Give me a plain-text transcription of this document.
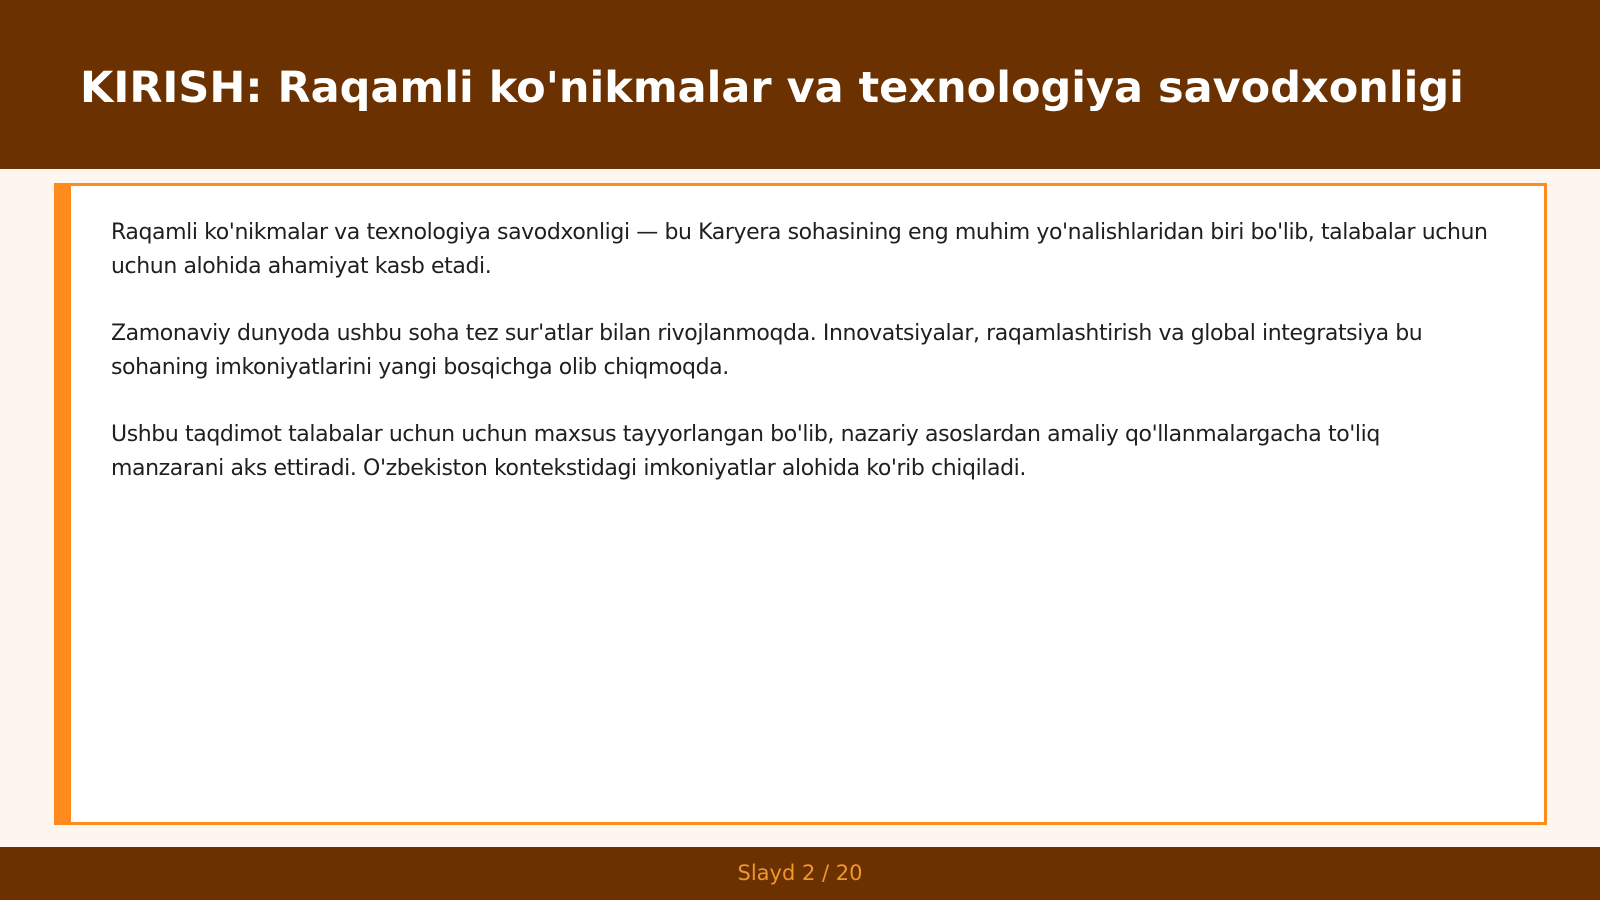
KIRISH: Raqamli ko'nikmalar va texnologiya savodxonligi

Raqamli ko'nikmalar va texnologiya savodxonligi — bu Karyera sohasining eng muhim yo'nalishlaridan biri bo'lib, talabalar uchun uchun alohida ahamiyat kasb etadi.

Zamonaviy dunyoda ushbu soha tez sur'atlar bilan rivojlanmoqda. Innovatsiyalar, raqamlashtirish va global integratsiya bu sohaning imkoniyatlarini yangi bosqichga olib chiqmoqda.

Ushbu taqdimot talabalar uchun uchun maxsus tayyorlangan bo'lib, nazariy asoslardan amaliy qo'llanmalargacha to'liq manzarani aks ettiradi. O'zbekiston kontekstidagi imkoniyatlar alohida ko'rib chiqiladi.

Slayd 2 / 20
